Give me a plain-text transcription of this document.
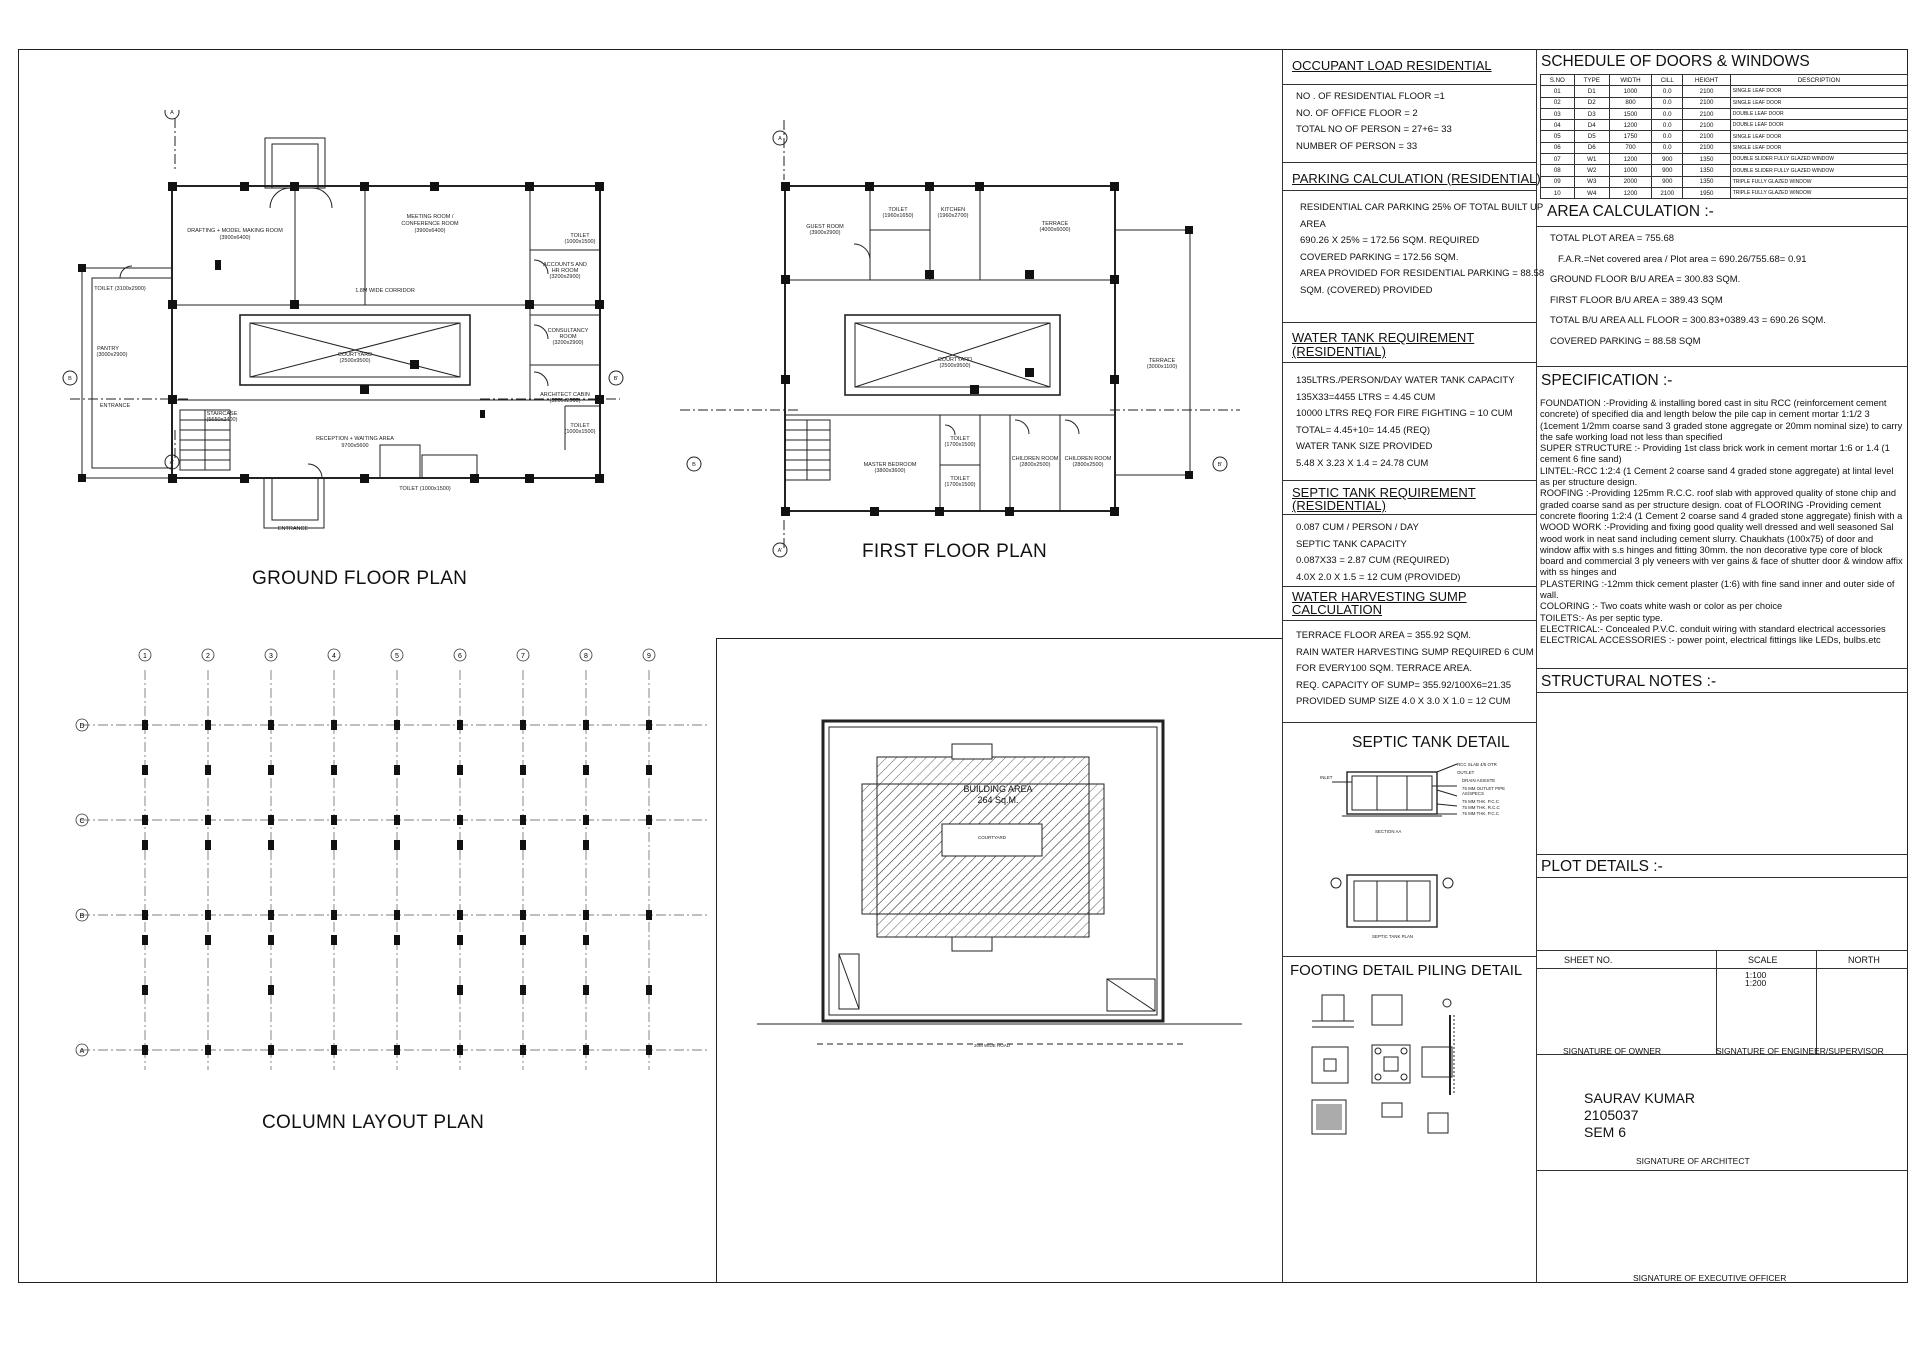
DRAFTING + MODEL MAKING ROOM
(3900x6400)
MEETING ROOM /
CONFERENCE ROOM
(3900x6400)
ACCOUNTS AND
HR ROOM
(3200x2900)
TOILET
(1000x1500)
TOILET (3100x2900)
PANTRY
(3000x2900)
1.8M WIDE CORRIDOR
CONSULTANCY
ROOM
(3200x2900)
COURTYARD
(2500x9500)
ENTRANCE
STAIRCASE
(5650x2400)
ARCHITECT CABIN
(3200x2900)
RECEPTION + WAITING AREA
9700x5600
TOILET
(1000x1500)
TOILET (1000x1500)
ENTRANCE
A
A'
B	B'
GROUND FLOOR PLAN
GUEST ROOM
(3900x2900)
TOILET
(1960x1650)
KITCHEN
(1960x2700)
TERRACE
(4000x6000)
COURTYARD
(2500x9500)
TERRACE
(3000x1100)
MASTER BEDROOM
(3800x3600)
TOILET
(1700x1500)
TOILET
(1700x1500)
CHILDREN ROOM
(2800x2500)
CHILDREN ROOM
(2800x2500)
A
A'
B	B'
FIRST FLOOR PLAN
1	2	3	4	5	6	7	8	9
D
C
B
A
COLUMN LAYOUT PLAN
BUILDING AREA
264 Sq.M.
COURTYARD
20M WIDE ROAD
OCCUPANT LOAD RESIDENTIAL
NO . OF RESIDENTIAL FLOOR =1
NO. OF OFFICE FLOOR = 2
TOTAL NO OF PERSON = 27+6= 33
NUMBER OF PERSON = 33
PARKING CALCULATION (RESIDENTIAL)
RESIDENTIAL CAR PARKING 25% OF TOTAL BUILT UP
AREA
690.26 X 25% = 172.56 SQM. REQUIRED
COVERED PARKING = 172.56 SQM.
AREA PROVIDED FOR RESIDENTIAL PARKING = 88.58
SQM. (COVERED) PROVIDED
WATER TANK REQUIREMENT
(RESIDENTIAL)
135LTRS./PERSON/DAY WATER TANK CAPACITY
135X33=4455 LTRS = 4.45 CUM
10000 LTRS REQ FOR FIRE FIGHTING = 10 CUM
TOTAL= 4.45+10= 14.45 (REQ)
WATER TANK SIZE PROVIDED
5.48 X 3.23 X 1.4 = 24.78 CUM
SEPTIC TANK REQUIREMENT
(RESIDENTIAL)
0.087 CUM / PERSON / DAY
SEPTIC TANK CAPACITY
0.087X33 = 2.87 CUM (REQUIRED)
4.0X 2.0 X 1.5 = 12 CUM (PROVIDED)
WATER HARVESTING SUMP
CALCULATION
TERRACE FLOOR AREA = 355.92 SQM.
RAIN WATER HARVESTING SUMP REQUIRED 6 CUM
FOR EVERY100 SQM. TERRACE AREA.
REQ. CAPACITY OF SUMP= 355.92/100X6=21.35
PROVIDED SUMP SIZE 4.0 X 3.0 X 1.0 = 12 CUM
SEPTIC TANK DETAIL
RCC SLAB 4/5 OTR
INLET
OUTLET
DRAIN ASSISTE
75 MM OUTLET PIPE
AS/SPECS
75 MM THK. P.C.C
75 MM THK. R.C.C
75 MM THK. P.C.C
SECTION AA
SEPTIC TANK PLAN
FOOTING DETAIL PILING DETAIL
SCHEDULE OF DOORS & WINDOWS
S.NO	TYPE	WIDTH	CILL	HEIGHT	DESCRIPTION
01	D1	1000	0.0	2100	SINGLE LEAF DOOR
02	D2	800	0.0	2100	SINGLE LEAF DOOR
03	D3	1500	0.0	2100	DOUBLE LEAF DOOR
04	D4	1200	0.0	2100	DOUBLE LEAF DOOR
05	D5	1750	0.0	2100	SINGLE LEAF DOOR
06	D6	700	0.0	2100	SINGLE LEAF DOOR
07	W1	1200	900	1350	DOUBLE SLIDER FULLY GLAZED WINDOW
08	W2	1000	900	1350	DOUBLE SLIDER FULLY GLAZED WINDOW
09	W3	2000	900	1350	TRIPLE FULLY GLAZED WINDOW
10	W4	1200	2100	1950	TRIPLE FULLY GLAZED WINDOW
AREA CALCULATION :-
TOTAL PLOT AREA = 755.68
F.A.R.=Net covered area / Plot area = 690.26/755.68= 0.91
GROUND FLOOR B/U AREA = 300.83 SQM.
FIRST FLOOR B/U AREA = 389.43 SQM
TOTAL B/U AREA ALL FLOOR = 300.83+0389.43 = 690.26 SQM.
COVERED PARKING = 88.58 SQM
SPECIFICATION :-
FOUNDATION :-Providing & installing bored cast in situ RCC (reinforcement cement concrete) of specified dia and length below the pile cap in cement mortar 1:1/2 3 (1cement 1/2mm coarse sand 3 graded stone aggregate or 20mm nominal size) to carry the safe working load not less than specified
SUPER STRUCTURE :- Providing 1st class brick work in cement mortar 1:6 or 1.4 (1 cement 6 fine sand)
LINTEL:-RCC 1:2:4 (1 Cement 2 coarse sand 4 graded stone aggregate) at lintal level as per structure design.
ROOFING :-Providing 125mm R.C.C. roof slab with approved quality of stone chip and graded coarse sand as per structure design. coat of FLOORING -Providing cement concrete flooring 1:2:4 (1 Cement 2 coarse sand 4 graded stone aggregate) finish with a WOOD WORK :-Providing and fixing good quality well dressed and well seasoned Sal wood work in neat sand including cement slurry. Chaukhats (100x75) of door and window affix with s.s hinges and fitting 30mm. the non decorative type core of block board and commercial 3 ply veneers with ver gains & face of shutter door & window affix with ss hinges and
PLASTERING :-12mm thick cement plaster (1:6) with fine sand inner and outer side of wall.
COLORING :- Two coats white wash or color as per choice
TOILETS:- As per septic type.
ELECTRICAL:- Concealed P.V.C. conduit wiring with standard electrical accessories
ELECTRICAL ACCESSORIES :- power point, electrical fittings like LEDs, bulbs.etc
STRUCTURAL NOTES :-
PLOT DETAILS :-
SHEET NO.	SCALE	NORTH
1:100
1:200
SIGNATURE OF OWNER	SIGNATURE OF ENGINEER/SUPERVISOR
SAURAV KUMAR
2105037
SEM 6
SIGNATURE OF ARCHITECT
SIGNATURE OF EXECUTIVE OFFICER
